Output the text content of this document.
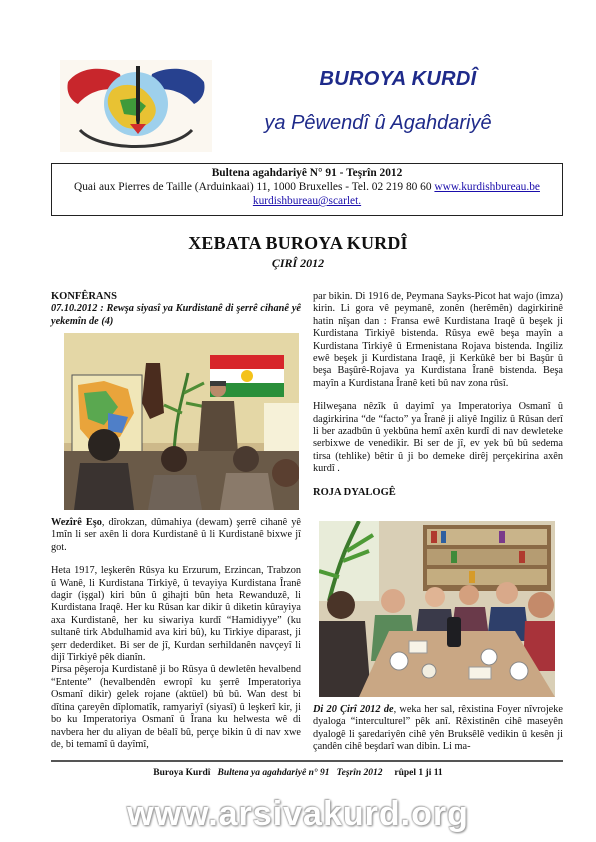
BUROYA KURDÎ
ya Pêwendî û Agahdariyê
Bultena agahdariyê N° 91 - Teşrîn 2012
Quai aux Pierres de Taille (Arduinkaai) 11, 1000 Bruxelles - Tel. 02 219 80 60 www.kurdishbureau.be
kurdishbureau@scarlet.
XEBATA BUROYA KURDÎ
ÇIRÎ 2012

KONFÊRANS

07.10.2012 : Rewşa siyasî ya Kurdistanê di şerrê cihanê yê yekemîn de (4)

Wezîrê Eşo, dîrokzan, dûmahiya (dewam) şerrê cihanê yê 1mîn li ser axên li dora Kurdistanê û li Kurdistanê bixwe jî got.

Heta 1917, leşkerên Rûsya ku Erzurum, Erzincan, Trabzon û Wanê, li Kurdistana Tirkiyê, û tevayiya Kurdistana Îranê dagir (işgal) kiri bûn û gihajti bûn heta Rewanduzê, li Kurdistana Iraqê. Her ku Rûsan kar dikir û diketin kûrayiya axa Kurdistanê, her ku siwariya kurdî “Hamidiyye” (ku sultanê tirk Abdulhamid ava kiri bû), ku Tirkiye diparast, ji şerr dederdiket. Bi ser de jî, Kurdan serhildanên navçeyî li dijî Tirkiyê pêk dianîn.

Pirsa pêşeroja Kurdistanê ji bo Rûsya û dewletên hevalbend “Entente” (hevalbendên ewropî ku şerrê Imperatoriya Osmanî dikir) gelek rojane (aktüel) bû bû. Wan dest bi dîtina çareyên dîplomatîk, ramyariyî (siyasî) û leşkerî kir, ji bo ku Imperatoriya Osmanî û Îrana ku helwesta wê di navbera her du aliyan de bêalî bû, perçe bikin û di nav xwe de, bi temamî û dayîmî,

par bikin. Di 1916 de, Peymana Sayks-Picot hat wajo (imza) kirin. Li gora vê peymanê, zonên (herêmên) dagirkirinê hatin nîşan dan : Fransa ewê Kurdistana Iraqê û beşek ji Kurdistana Tirkiyê bistenda. Rûsya ewê beşa mayîn a Kurdistana Tirkiyê û Ermenistana Rojava bistenda. Ingiliz ewê beşek ji Kurdistana Iraqê, ji Kerkûkê ber bi Başûr û beşa Başûrê-Rojava ya Kurdistana Îranê bistenda. Beşa mayîn a Kurdistana Îranê keti bû nav zona rûsî.

Hilweşana nêzîk û dayimî ya Imperatoriya Osmanî û dagirkirina “de “facto” ya Îranê ji aliyê Ingiliz û Rûsan derî li ber azadbûn û yekbûna hemî axên kurdî di nav dewleteke serbixwe de venedikir. Bi ser de jî, ev yek bû bû sedema tirsa (tehlike) bêtir û ji bo demeke dirêj perçekirina axên kurdî .

ROJA DYALOGÊ

Di 20 Çirî 2012 de, weka her sal, rêxistina Foyer nîvrojeke dyaloga “interculturel” pêk anî. Rêxistinên cihê maseyên dyalogê li şaredariyên cihê yên Bruksêlê vedikin û kesên ji çandên cihê beşdarî wan dibin. Li ma-

Buroya Kurdî Bultena ya agahdariyê n° 91 Teşrîn 2012 rûpel 1 ji 11
www.arsivakurd.org
